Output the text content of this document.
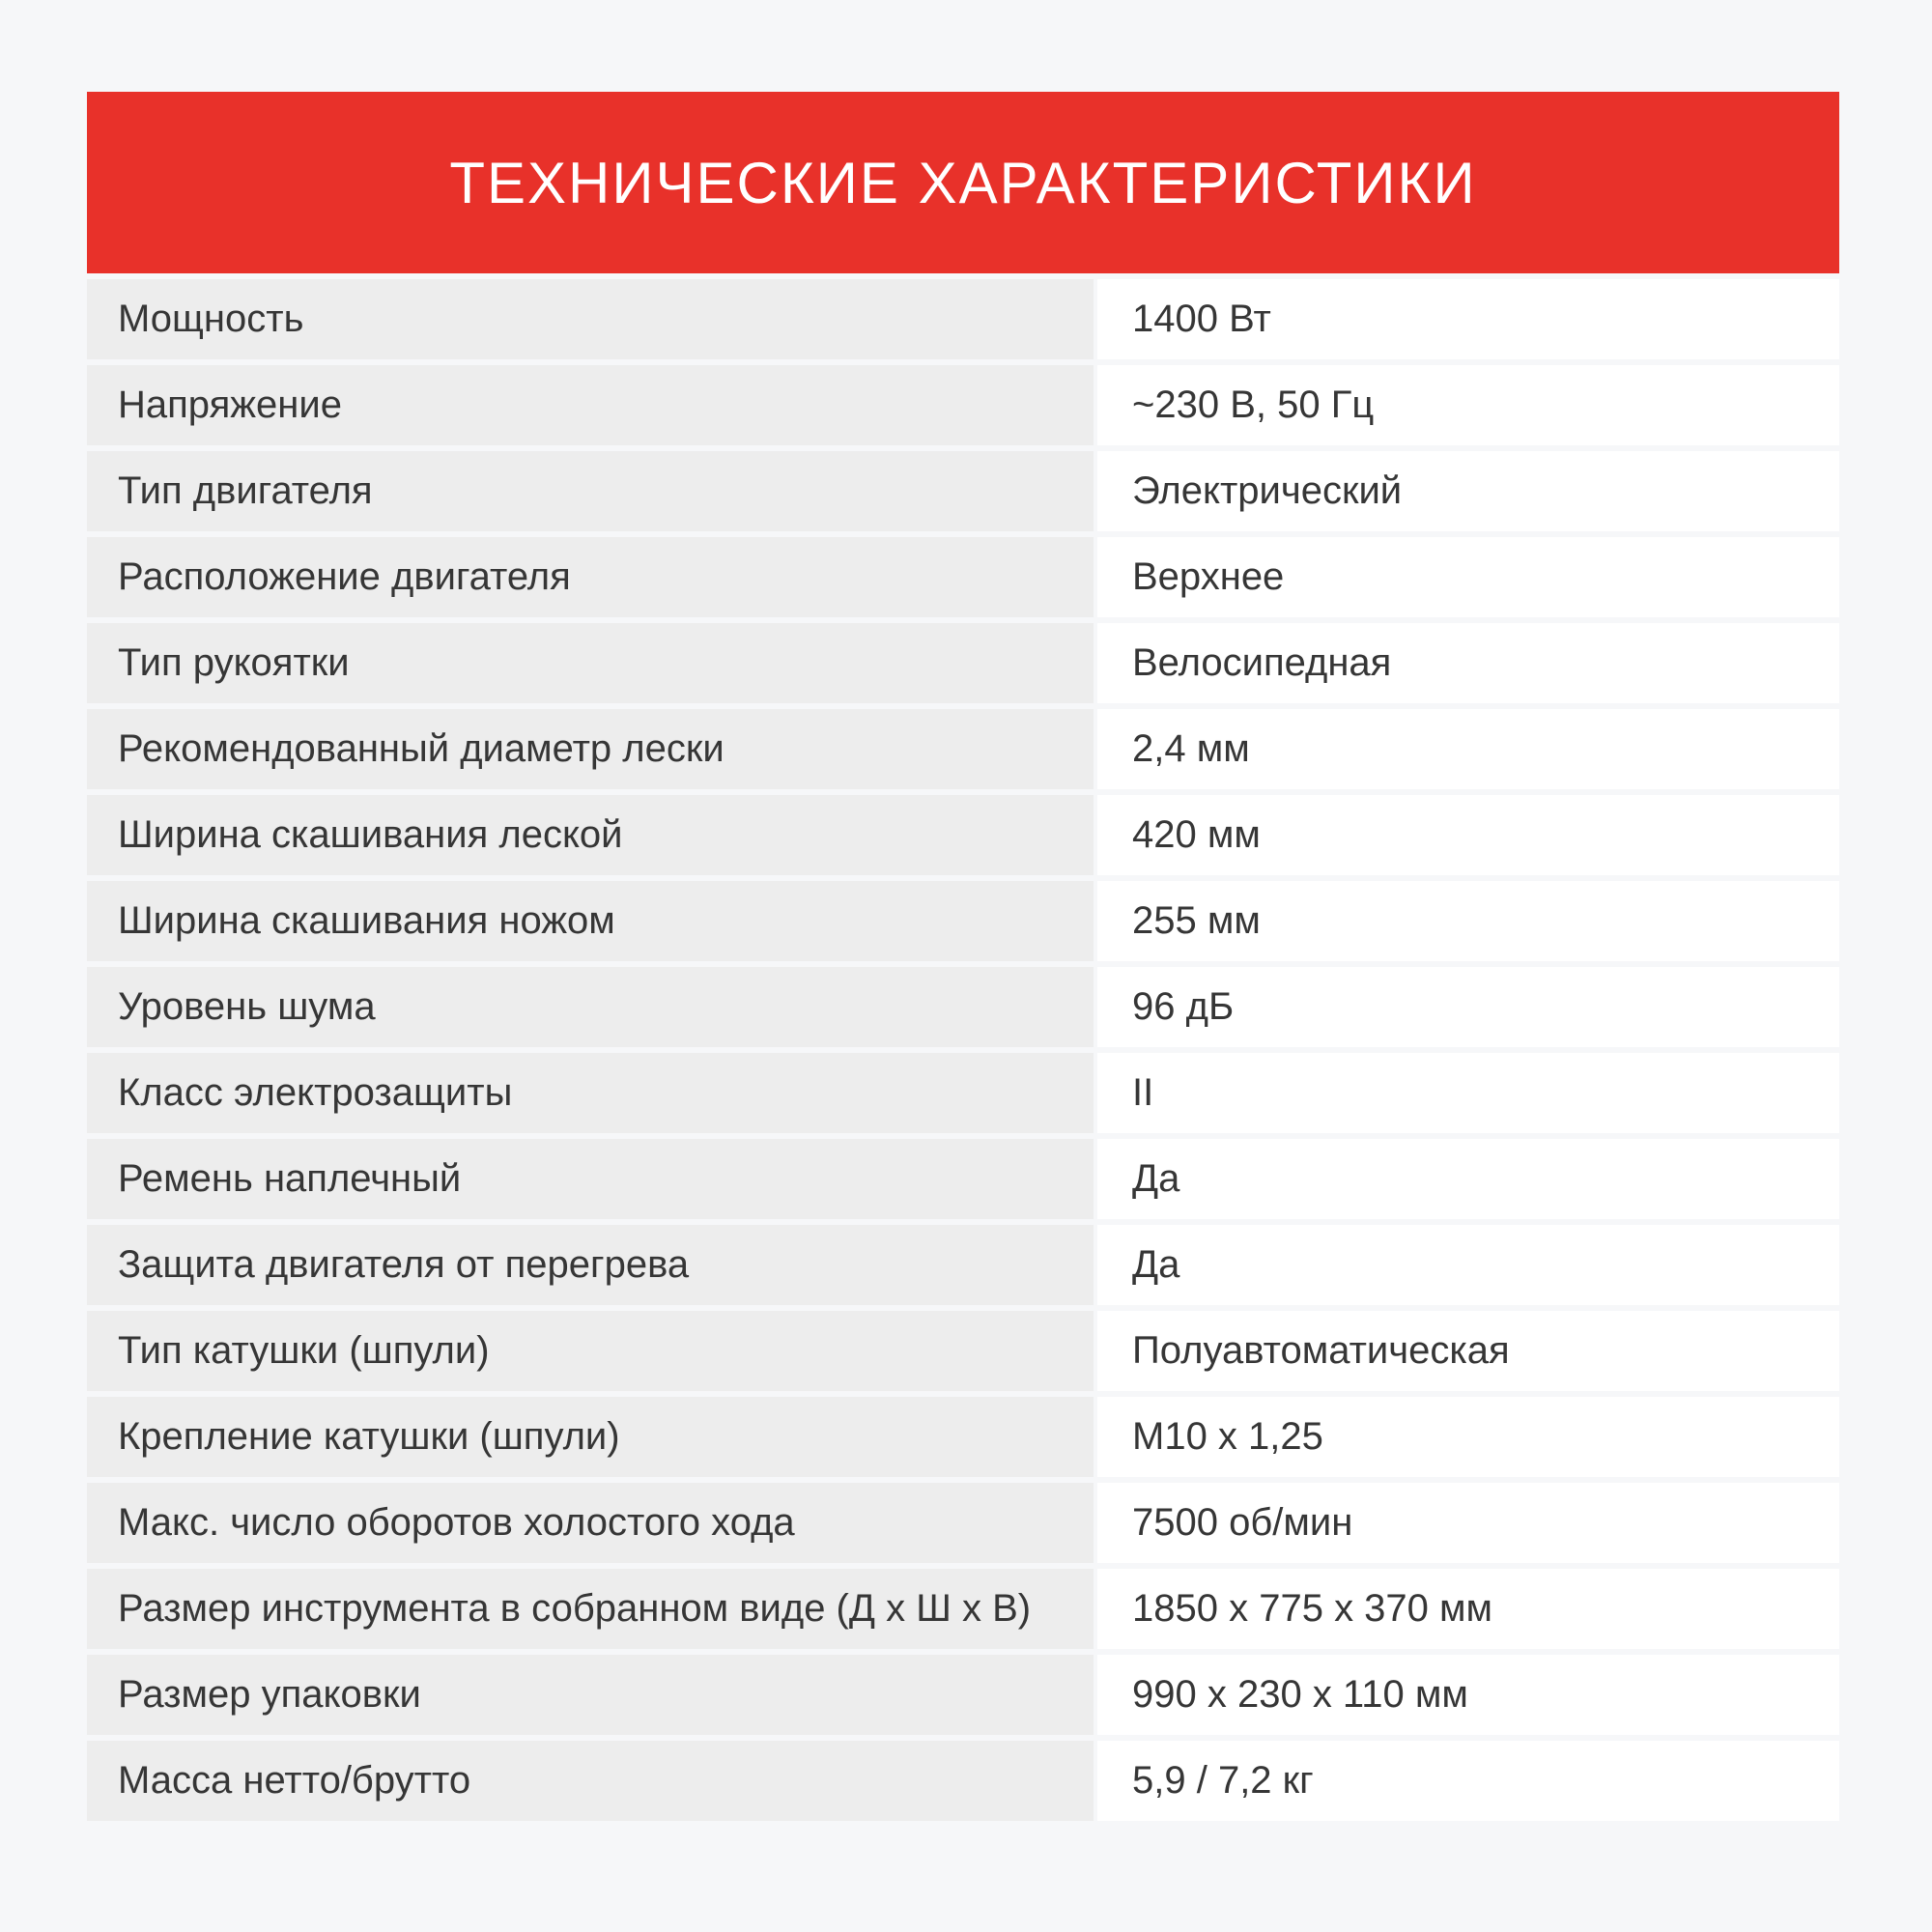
ТЕХНИЧЕСКИЕ ХАРАКТЕРИСТИКИ
Мощность	1400 Вт
Напряжение	~230 В, 50 Гц
Тип двигателя	Электрический
Расположение двигателя	Верхнее
Тип рукоятки	Велосипедная
Рекомендованный диаметр лески	2,4 мм
Ширина скашивания леской	420 мм
Ширина скашивания ножом	255 мм
Уровень шума	96 дБ
Класс электрозащиты	II
Ремень наплечный	Да
Защита двигателя от перегрева	Да
Тип катушки (шпули)	Полуавтоматическая
Крепление катушки (шпули)	М10 х 1,25
Макс. число оборотов холостого хода	7500 об/мин
Размер инструмента в собранном виде (Д х Ш х В)	1850 х 775 х 370 мм
Размер упаковки	990 х 230 х 110 мм
Масса нетто/брутто	5,9 / 7,2 кг
